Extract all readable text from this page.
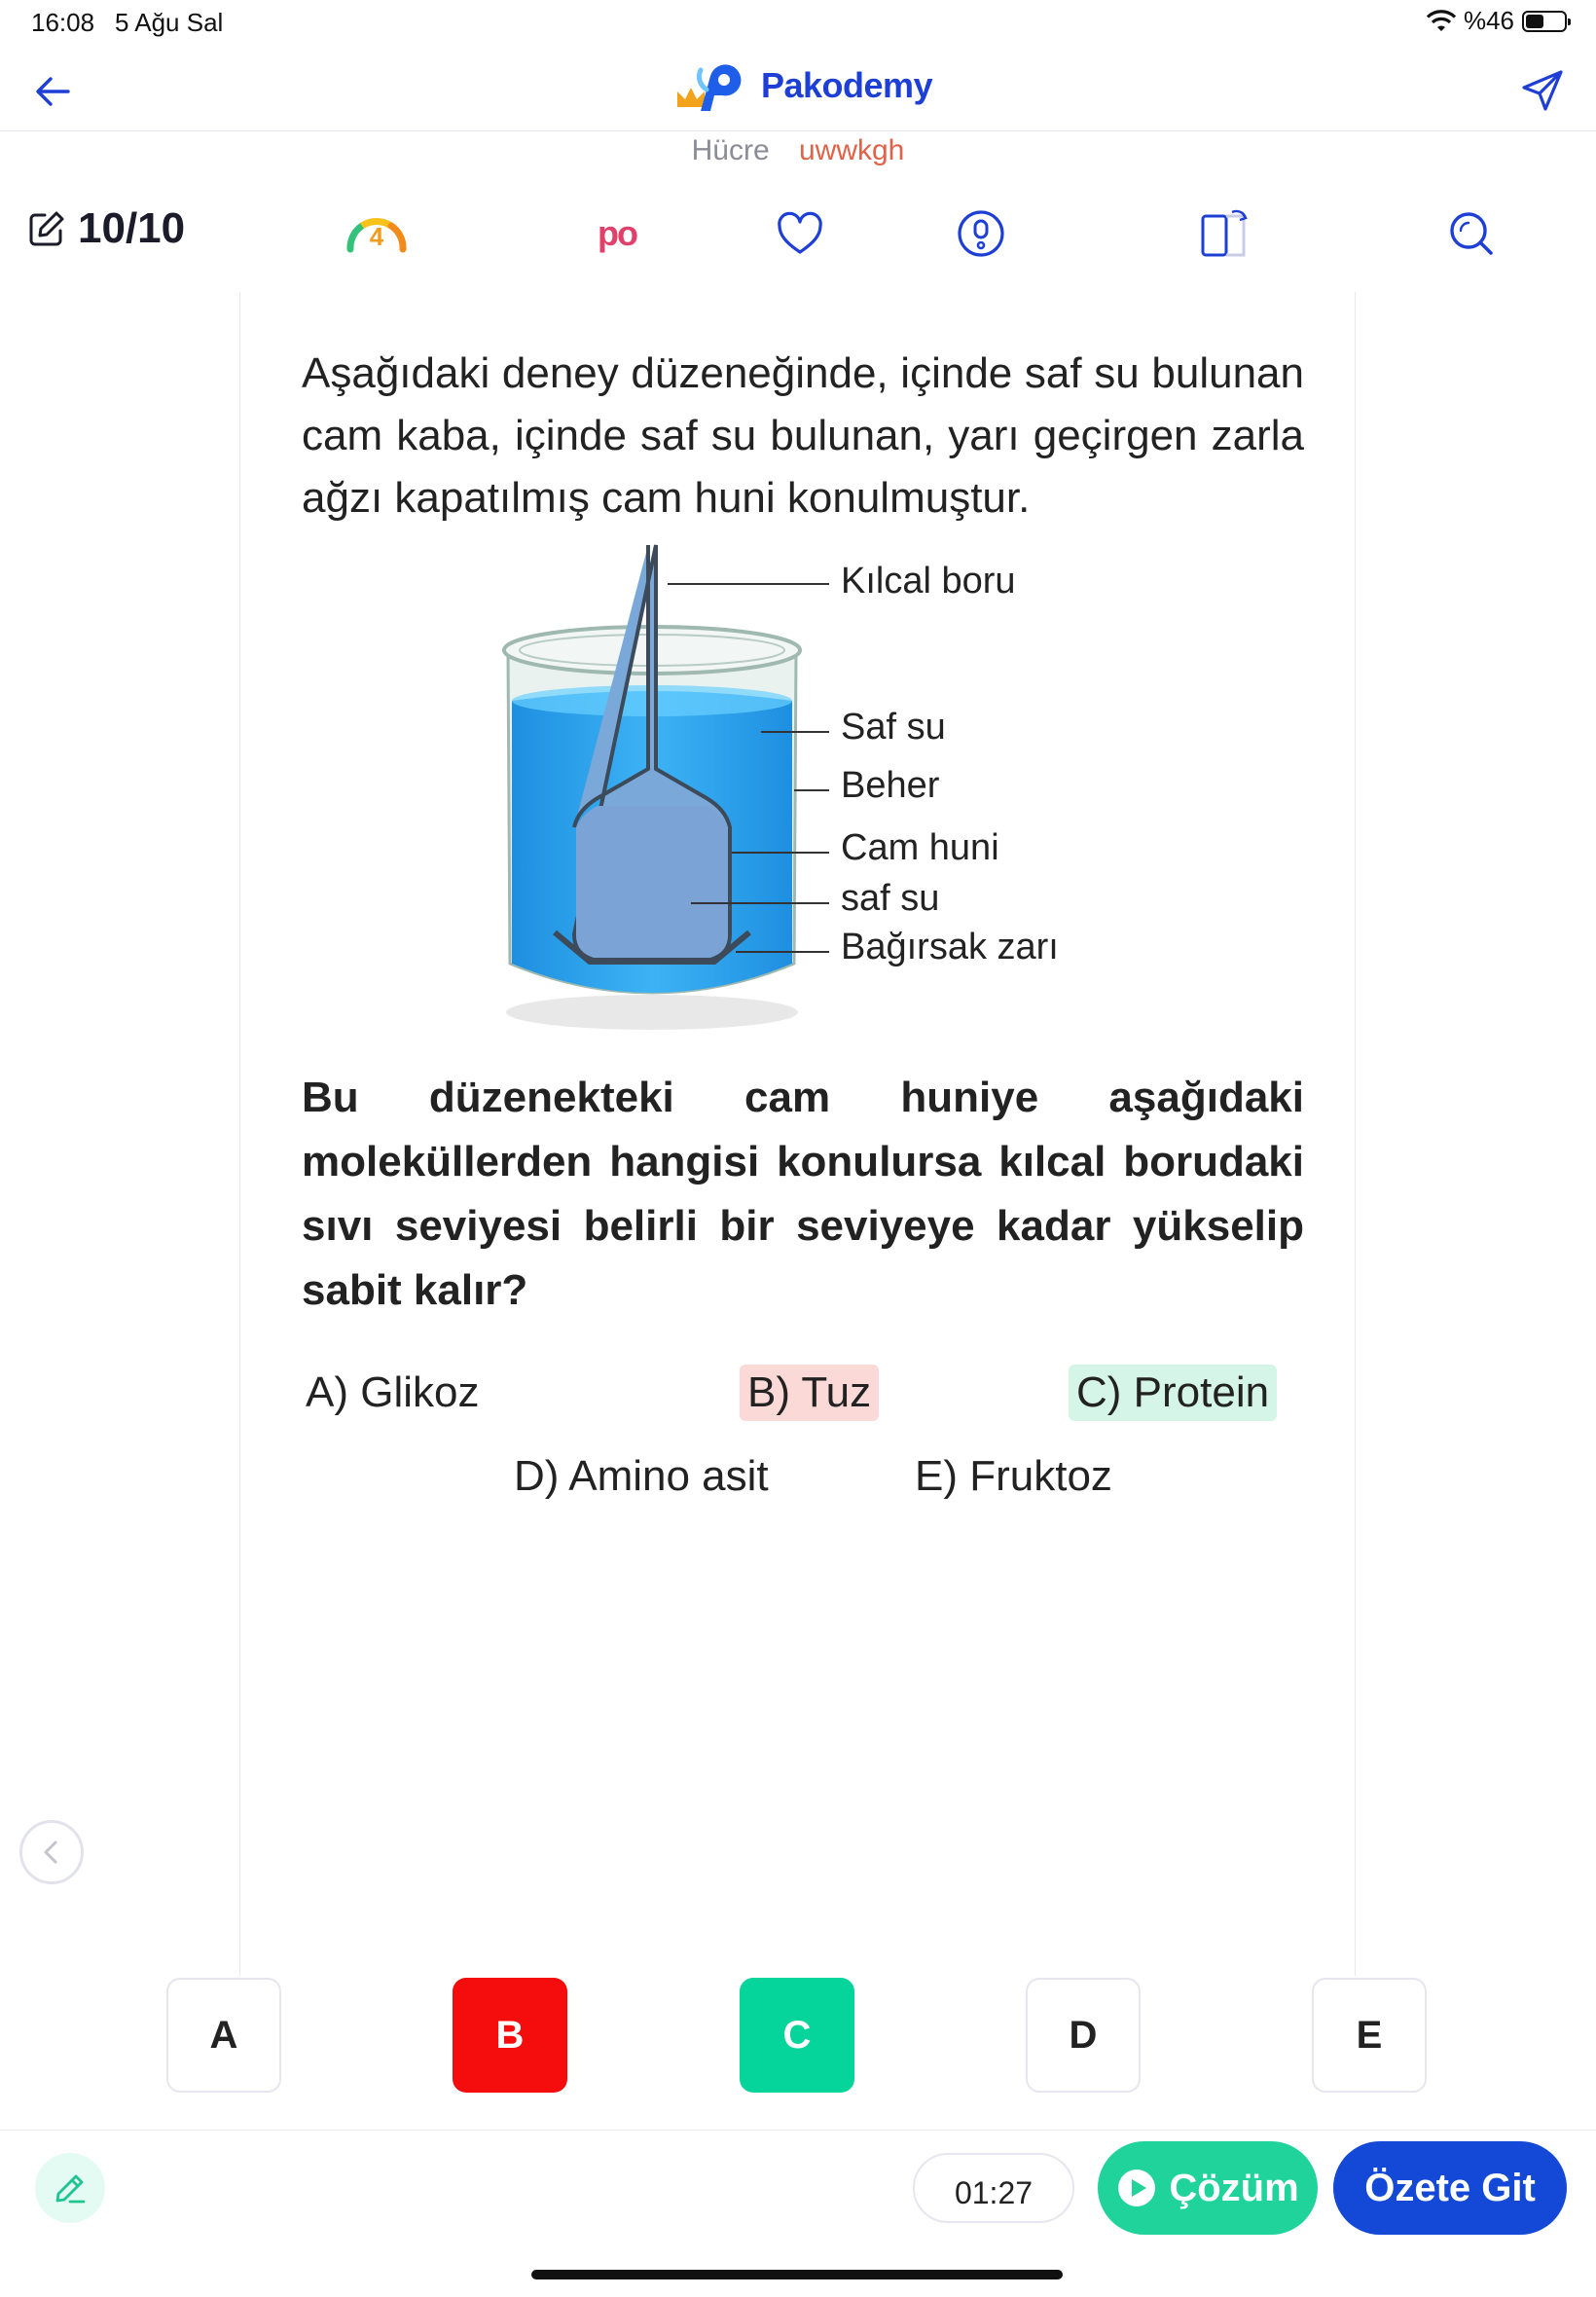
16:08 5 Ağu Sal	%46
Pakodemy
Hücre uwwkgh
10/10	4	po
Aşağıdaki deney düzeneğinde, içinde saf su bulunan cam kaba, içinde saf su bulunan, yarı geçirgen zarla ağzı kapatılmış cam huni konulmuştur.
Kılcal boru
Saf su
Beher
Cam huni
saf su
Bağırsak zarı
Bu düzenekteki cam huniye aşağıdaki moleküllerden hangisi konulursa kılcal borudaki sıvı seviyesi belirli bir seviyeye kadar yükselip sabit kalır?
A) Glikoz	B) Tuz	C) Protein
D) Amino asit	E) Fruktoz
A	B	C	D	E
01:27	Çözüm	Özete Git
